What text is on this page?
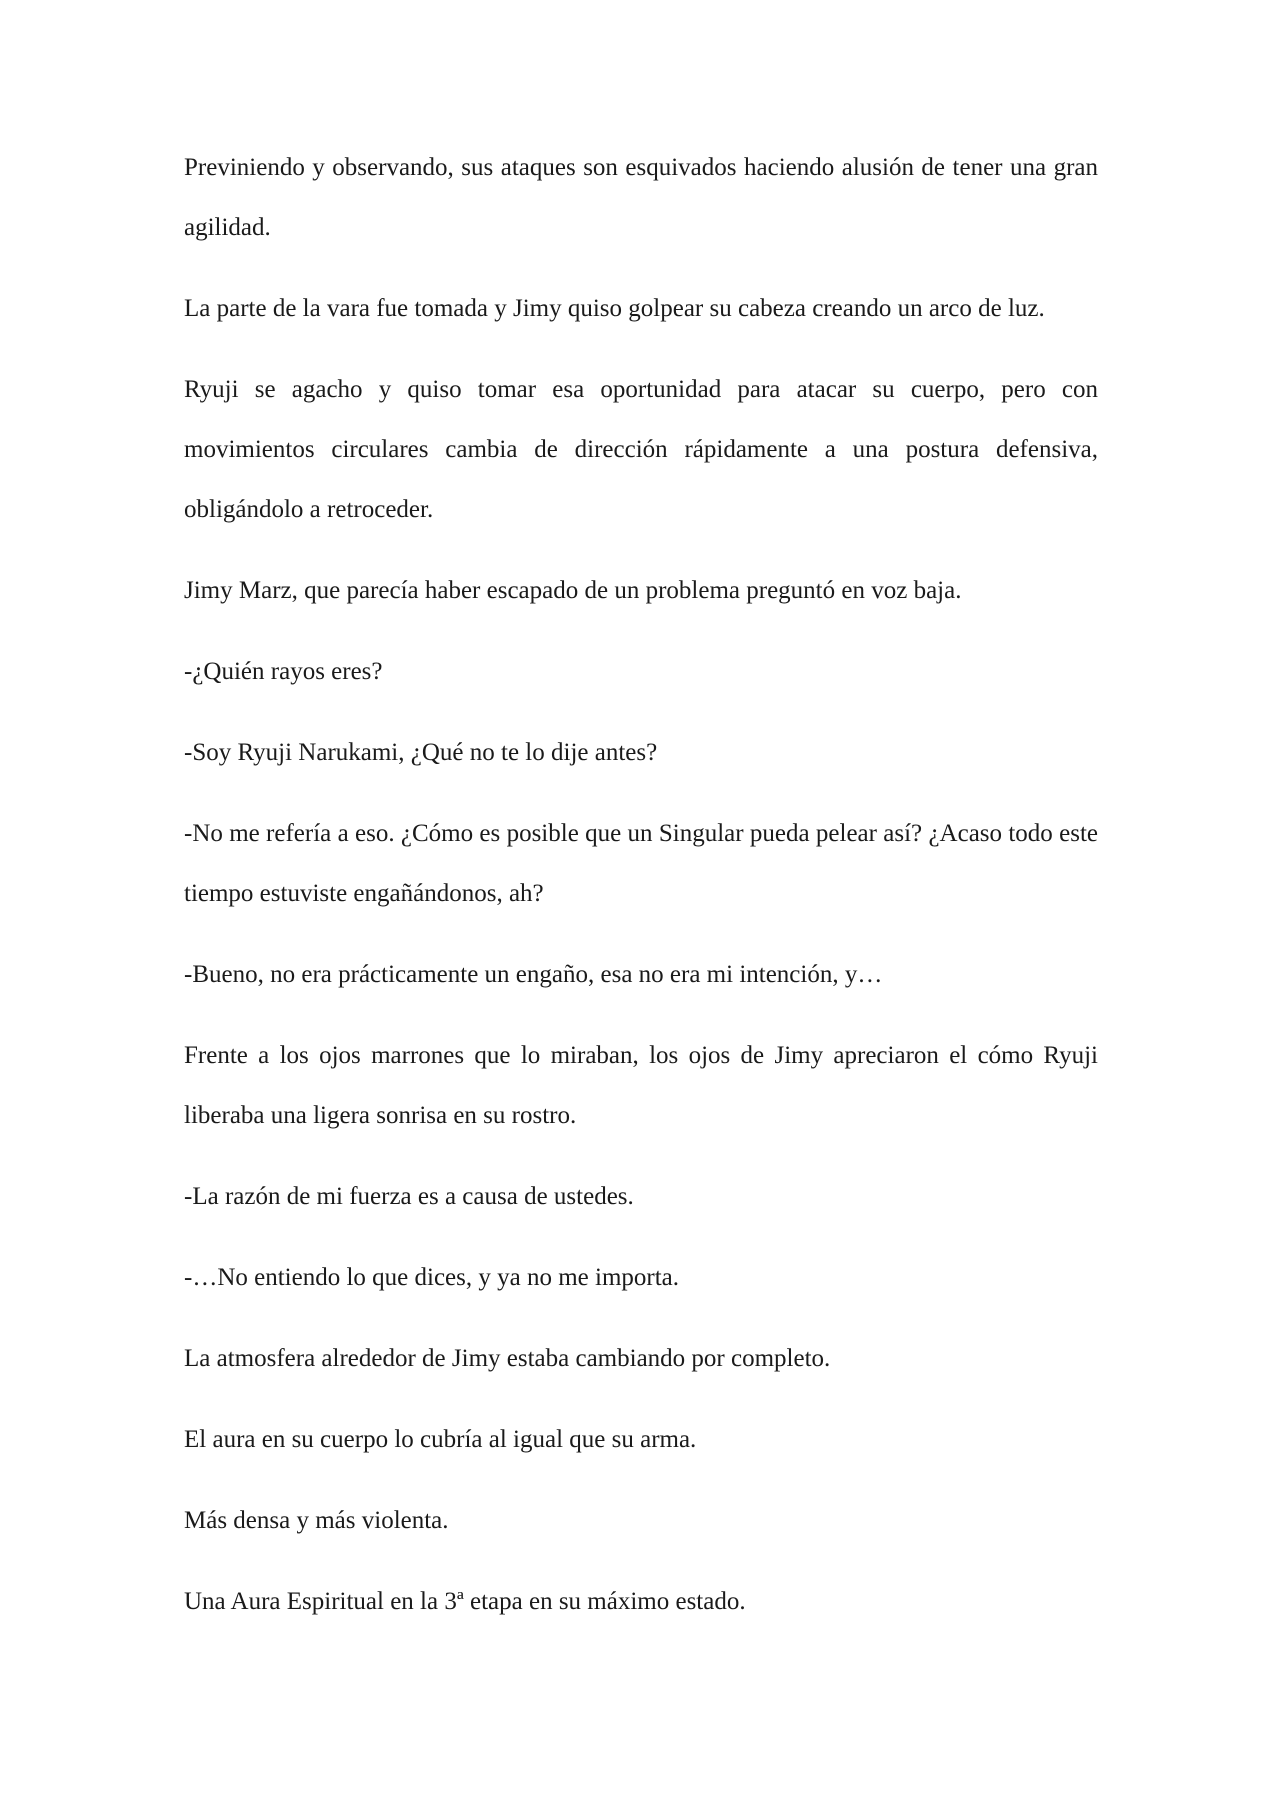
Previniendo y observando, sus ataques son esquivados haciendo alusión de tener una gran agilidad.

La parte de la vara fue tomada y Jimy quiso golpear su cabeza creando un arco de luz.

Ryuji se agacho y quiso tomar esa oportunidad para atacar su cuerpo, pero con movimientos circulares cambia de dirección rápidamente a una postura defensiva, obligándolo a retroceder.

Jimy Marz, que parecía haber escapado de un problema preguntó en voz baja.

-¿Quién rayos eres?

-Soy Ryuji Narukami, ¿Qué no te lo dije antes?

-No me refería a eso. ¿Cómo es posible que un Singular pueda pelear así? ¿Acaso todo este tiempo estuviste engañándonos, ah?

-Bueno, no era prácticamente un engaño, esa no era mi intención, y…

Frente a los ojos marrones que lo miraban, los ojos de Jimy apreciaron el cómo Ryuji liberaba una ligera sonrisa en su rostro.

-La razón de mi fuerza es a causa de ustedes.

-…No entiendo lo que dices, y ya no me importa.

La atmosfera alrededor de Jimy estaba cambiando por completo.

El aura en su cuerpo lo cubría al igual que su arma.

Más densa y más violenta.

Una Aura Espiritual en la 3ª etapa en su máximo estado.
